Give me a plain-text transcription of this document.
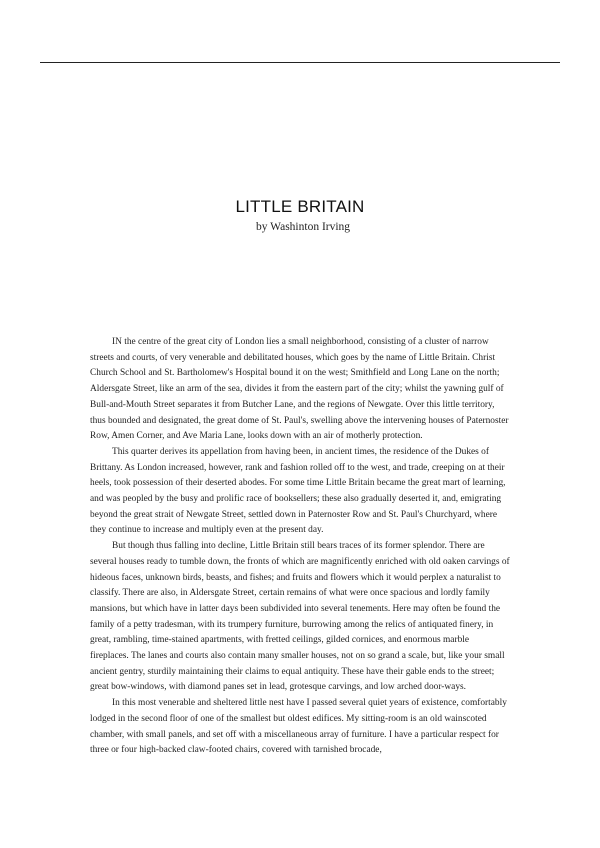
LITTLE BRITAIN
by Washinton Irving

IN the centre of the great city of London lies a small neighborhood, consisting of a cluster of narrow streets and courts, of very venerable and debilitated houses, which goes by the name of Little Britain. Christ Church School and St. Bartholomew's Hospital bound it on the west; Smithfield and Long Lane on the north; Aldersgate Street, like an arm of the sea, divides it from the eastern part of the city; whilst the yawning gulf of Bull-and-Mouth Street separates it from Butcher Lane, and the regions of Newgate. Over this little territory, thus bounded and designated, the great dome of St. Paul's, swelling above the intervening houses of Paternoster Row, Amen Corner, and Ave Maria Lane, looks down with an air of motherly protection.

This quarter derives its appellation from having been, in ancient times, the residence of the Dukes of Brittany. As London increased, however, rank and fashion rolled off to the west, and trade, creeping on at their heels, took possession of their deserted abodes. For some time Little Britain became the great mart of learning, and was peopled by the busy and prolific race of booksellers; these also gradually deserted it, and, emigrating beyond the great strait of Newgate Street, settled down in Paternoster Row and St. Paul's Churchyard, where they continue to increase and multiply even at the present day.

But though thus falling into decline, Little Britain still bears traces of its former splendor. There are several houses ready to tumble down, the fronts of which are magnificently enriched with old oaken carvings of hideous faces, unknown birds, beasts, and fishes; and fruits and flowers which it would perplex a naturalist to classify. There are also, in Aldersgate Street, certain remains of what were once spacious and lordly family mansions, but which have in latter days been subdivided into several tenements. Here may often be found the family of a petty tradesman, with its trumpery furniture, burrowing among the relics of antiquated finery, in great, rambling, time-stained apartments, with fretted ceilings, gilded cornices, and enormous marble fireplaces. The lanes and courts also contain many smaller houses, not on so grand a scale, but, like your small ancient gentry, sturdily maintaining their claims to equal antiquity. These have their gable ends to the street; great bow-windows, with diamond panes set in lead, grotesque carvings, and low arched door-ways.

In this most venerable and sheltered little nest have I passed several quiet years of existence, comfortably lodged in the second floor of one of the smallest but oldest edifices. My sitting-room is an old wainscoted chamber, with small panels, and set off with a miscellaneous array of furniture. I have a particular respect for three or four high-backed claw-footed chairs, covered with tarnished brocade,
